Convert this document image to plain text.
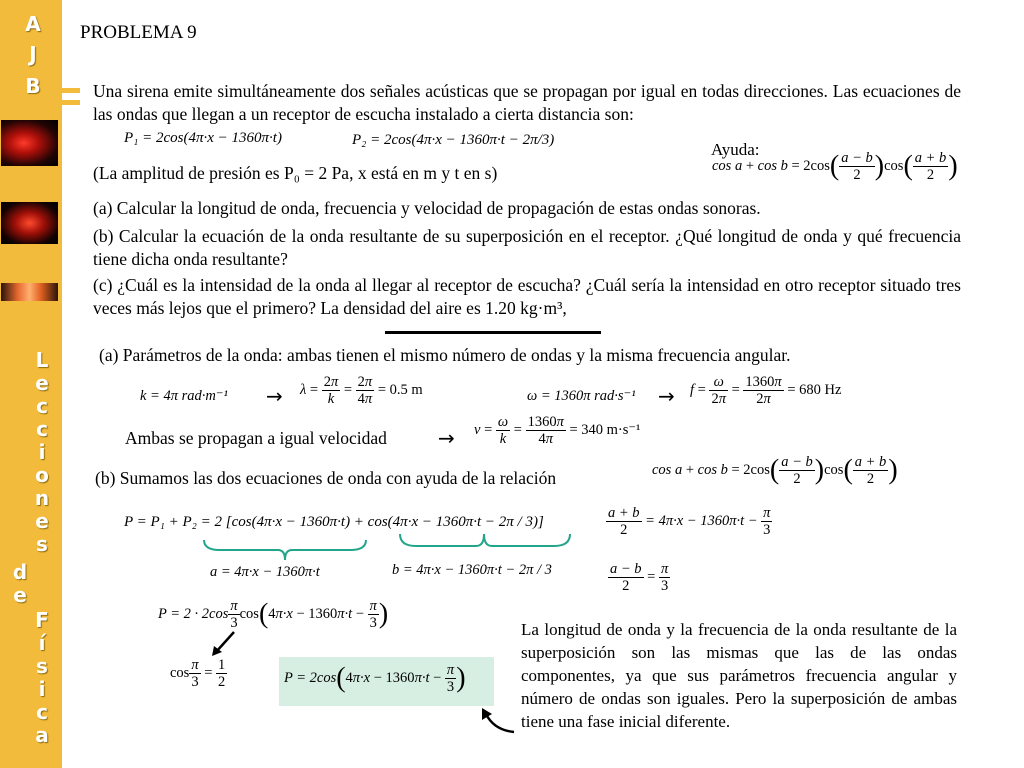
A
J
B
L
e
c
c
i
o
n
e
s
d
e
F
í
s
i
c
a
PROBLEMA 9
Una sirena emite simultáneamente dos señales acústicas que se propagan por igual en todas direcciones. Las ecuaciones de las ondas que llegan a un receptor de escucha instalado a cierta distancia son:
P₁ = 2cos(4π·x − 1360π·t)	P₂ = 2cos(4π·x − 1360π·t − 2π/3)
(La amplitud de presión es P₀ = 2 Pa, x está en m y t en s)
Ayuda:
$\cos a + \cos b = 2\cos( \frac{a - b}{2} )\cos( \frac{a + b}{2}$ )
(a) Calcular la longitud de onda, frecuencia y velocidad de propagación de estas ondas sonoras.
(b) Calcular la ecuación de la onda resultante de su superposición en el receptor. ¿Qué longitud de onda y qué frecuencia tiene dicha onda resultante?
(c) ¿Cuál es la intensidad de la onda al llegar al receptor de escucha? ¿Cuál sería la intensidad en otro receptor situado tres veces más lejos que el primero? La densidad del aire es 1.20 kg·m³,
(a) Parámetros de la onda: ambas tienen el mismo número de ondas y la misma frecuencia angular.
k = 4π $rad\cdot m^{-1} \to \lambda = \frac{2\pi}{k} = \frac{2\pi}{4\pi} = 0.5$ m	ω = 1360π $rad\cdot s^{-1} \to f = \frac{\omega}{2\pi} = \frac{1360\pi}{2\pi} = 680$ Hz
Ambas se propagan a igual velocidad	→ $v = \frac{\omega}{k} = \frac{1360\pi}{4\pi} = 340$ m·s⁻¹
(b) Sumamos las dos ecuaciones de onda con ayuda de la relación	$\cos a + \cos b = 2\cos( \frac{a - b}{2} )\cos( \frac{a + b}{2}$ )
P = P₁ + P₂ = 2 [cos(4π·x − 1360π·t) + cos(4π·x − 1360π·t − 2π / 3)]
a = 4π·x − 1360π·t	b = 4π·x − 1360π·t − 2π / 3
$\frac{a + b}{2} = 4\pi\cdot x - 1360\pi\cdot t - \frac{\pi}{3}$
$\frac{a - b}{2} = \frac{\pi}{3}$
$P = 2 \cdot 2\cos \frac{\pi}{3} \cos(4\pi\cdot x - 1360\pi\cdot t - \frac{\pi}{3}$ )
$\cos \frac{\pi}{3} = \frac{1}{2}$	$P = 2\cos(4\pi\cdot x - 1360\pi\cdot t - \frac{\pi}{3}$ )
La longitud de onda y la frecuencia de la onda resultante de la superposición son las mismas que las de las ondas componentes, ya que sus parámetros frecuencia angular y número de ondas son iguales. Pero la superposición de ambas tiene una fase inicial diferente.
